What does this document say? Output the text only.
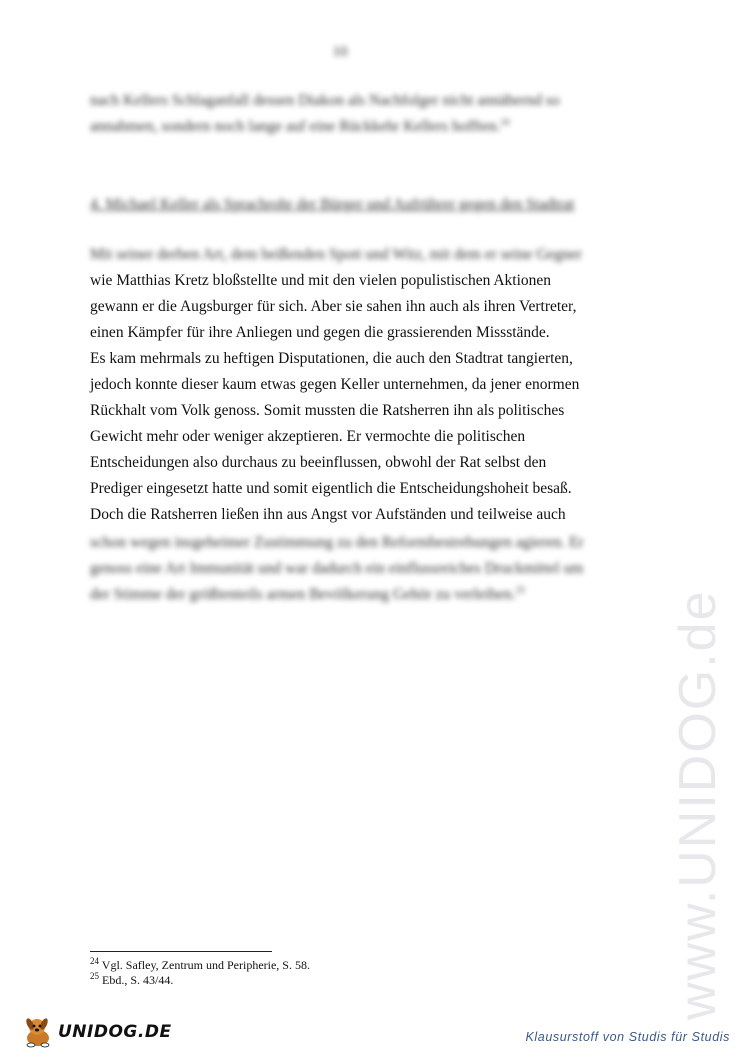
www.UNIDOG.de
10
nach Kellers Schlaganfall dessen Diakon als Nachfolger nicht annähernd so
annahmen, sondern noch lange auf eine Rückkehr Kellers hofften.$^{24}$
4. Michael Keller als Sprachrohr der Bürger und Aufrührer gegen den Stadtrat
Mit seiner derben Art, dem beißenden Spott und Witz, mit dem er seine Gegner
wie Matthias Kretz bloßstellte und mit den vielen populistischen Aktionen
gewann er die Augsburger für sich. Aber sie sahen ihn auch als ihren Vertreter,
einen Kämpfer für ihre Anliegen und gegen die grassierenden Missstände.
Es kam mehrmals zu heftigen Disputationen, die auch den Stadtrat tangierten,
jedoch konnte dieser kaum etwas gegen Keller unternehmen, da jener enormen
Rückhalt vom Volk genoss. Somit mussten die Ratsherren ihn als politisches
Gewicht mehr oder weniger akzeptieren. Er vermochte die politischen
Entscheidungen also durchaus zu beeinflussen, obwohl der Rat selbst den
Prediger eingesetzt hatte und somit eigentlich die Entscheidungshoheit besaß.
Doch die Ratsherren ließen ihn aus Angst vor Aufständen und teilweise auch
schon wegen insgeheimer Zustimmung zu den Reformbestrebungen agieren. Er
genoss eine Art Immunität und war dadurch ein einflussreiches Druckmittel um
der Stimme der größtenteils armen Bevölkerung Gehör zu verleihen.$^{25}$
$^{24}$ Vgl. Safley, Zentrum und Peripherie, S. 58.
$^{25}$ Ebd., S. 43/44.
UNIDOG.DE	Klausurstoff von Studis für Studis
